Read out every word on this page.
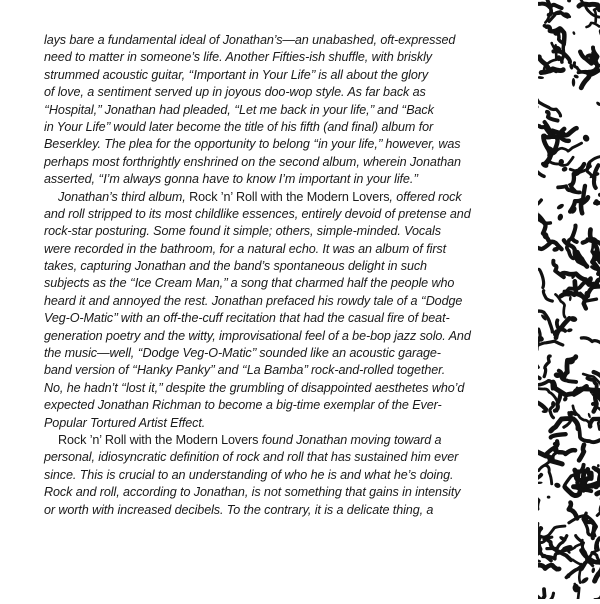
lays bare a fundamental ideal of Jonathan’s—an unabashed, oft-expressed
need to matter in someone’s life. Another Fifties-ish shuffle, with briskly
strummed acoustic guitar, ‘‘Important in Your Life’’ is all about the glory
of love, a sentiment served up in joyous doo-wop style. As far back as
‘‘Hospital,’’ Jonathan had pleaded, ‘‘Let me back in your life,’’ and ‘‘Back
in Your Life’’ would later become the title of his fifth (and final) album for
Beserkley. The plea for the opportunity to belong ‘‘in your life,’’ however, was
perhaps most forthrightly enshrined on the second album, wherein Jonathan
asserted, ‘‘I’m always gonna have to know I’m important in your life.’’
Jonathan’s third album, Rock ’n’ Roll with the Modern Lovers, offered rock
and roll stripped to its most childlike essences, entirely devoid of pretense and
rock-star posturing. Some found it simple; others, simple-minded. Vocals
were recorded in the bathroom, for a natural echo. It was an album of first
takes, capturing Jonathan and the band’s spontaneous delight in such
subjects as the ‘‘Ice Cream Man,’’ a song that charmed half the people who
heard it and annoyed the rest. Jonathan prefaced his rowdy tale of a ‘‘Dodge
Veg-O-Matic’’ with an off-the-cuff recitation that had the casual fire of beat-
generation poetry and the witty, improvisational feel of a be-bop jazz solo. And
the music—well, ‘‘Dodge Veg-O-Matic’’ sounded like an acoustic garage-
band version of ‘‘Hanky Panky’’ and ‘‘La Bamba’’ rock-and-rolled together.
No, he hadn’t ‘‘lost it,’’ despite the grumbling of disappointed aesthetes who’d
expected Jonathan Richman to become a big-time exemplar of the Ever-
Popular Tortured Artist Effect.
Rock ’n’ Roll with the Modern Lovers found Jonathan moving toward a
personal, idiosyncratic definition of rock and roll that has sustained him ever
since. This is crucial to an understanding of who he is and what he’s doing.
Rock and roll, according to Jonathan, is not something that gains in intensity
or worth with increased decibels. To the contrary, it is a delicate thing, a
